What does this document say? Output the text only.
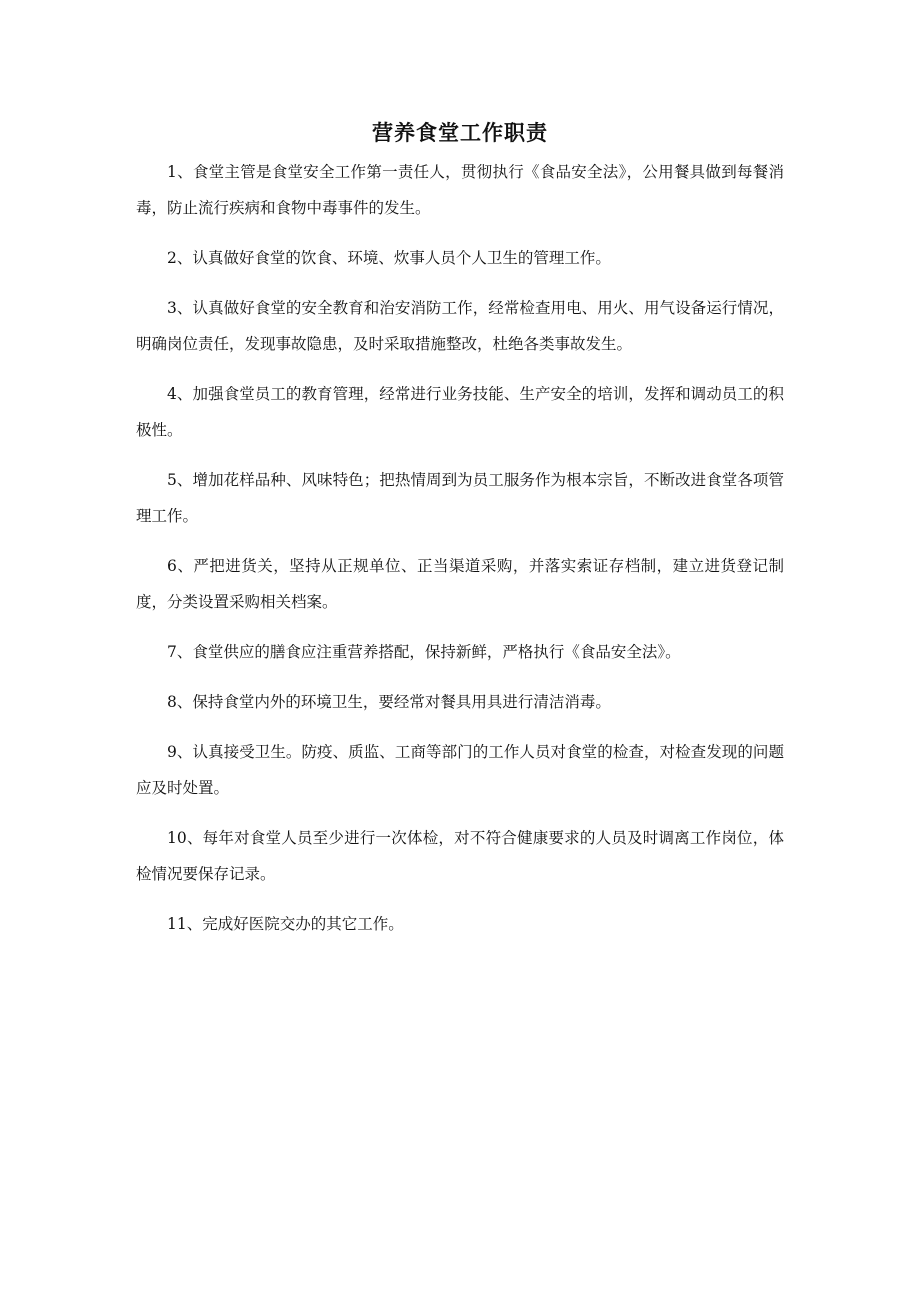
营养食堂工作职责

1、食堂主管是食堂安全工作第一责任人，贯彻执行《食品安全法》，公用餐具做到每餐消毒，防止流行疾病和食物中毒事件的发生。

2、认真做好食堂的饮食、环境、炊事人员个人卫生的管理工作。

3、认真做好食堂的安全教育和治安消防工作，经常检查用电、用火、用气设备运行情况，明确岗位责任，发现事故隐患，及时采取措施整改，杜绝各类事故发生。

4、加强食堂员工的教育管理，经常进行业务技能、生产安全的培训，发挥和调动员工的积极性。

5、增加花样品种、风味特色；把热情周到为员工服务作为根本宗旨，不断改进食堂各项管理工作。

6、严把进货关，坚持从正规单位、正当渠道采购，并落实索证存档制，建立进货登记制度，分类设置采购相关档案。

7、食堂供应的膳食应注重营养搭配，保持新鲜，严格执行《食品安全法》。

8、保持食堂内外的环境卫生，要经常对餐具用具进行清洁消毒。

9、认真接受卫生。防疫、质监、工商等部门的工作人员对食堂的检查，对检查发现的问题应及时处置。

10、每年对食堂人员至少进行一次体检，对不符合健康要求的人员及时调离工作岗位，体检情况要保存记录。

11、完成好医院交办的其它工作。
